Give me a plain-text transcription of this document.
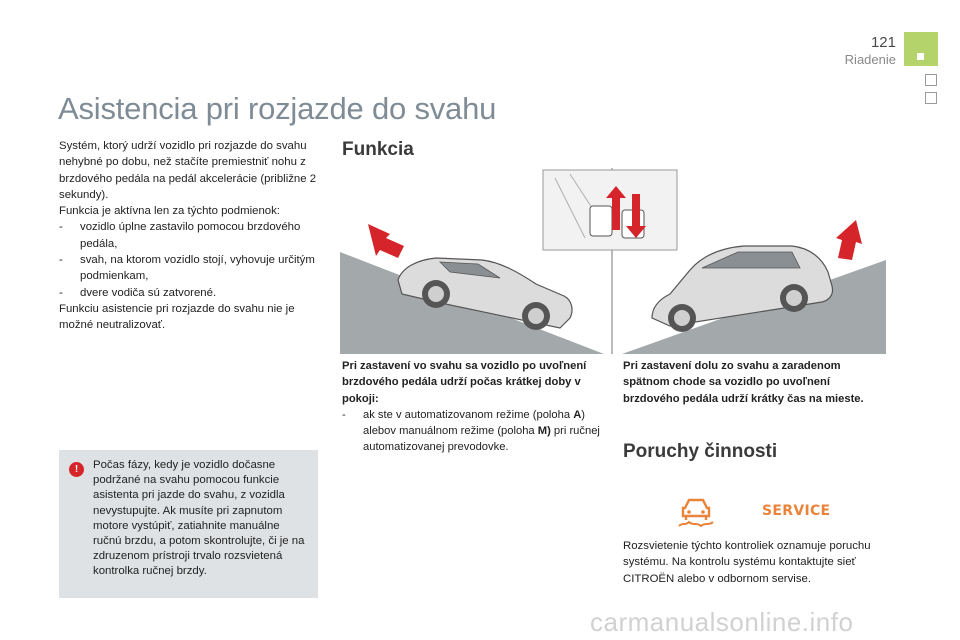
121
Riadenie
Asistencia pri rozjazde do svahu

Systém, ktorý udrží vozidlo pri rozjazde do svahu nehybné po dobu, než stačíte premiestniť nohu z brzdového pedála na pedál akcelerácie (približne 2 sekundy).

Funkcia je aktívna len za týchto podmienok:

- vozidlo úplne zastavilo pomocou brzdového pedála,

- svah, na ktorom vozidlo stojí, vyhovuje určitým podmienkam,

- dvere vodiča sú zatvorené.

Funkciu asistencie pri rozjazde do svahu nie je možné neutralizovať.

!	Počas fázy, kedy je vozidlo dočasne podržané na svahu pomocou funkcie asistenta pri jazde do svahu, z vozidla nevystupujte. Ak musíte pri zapnutom motore vystúpiť, zatiahnite manuálne ručnú brzdu, a potom skontrolujte, či je na zdruzenom prístroji trvalo rozsvietená kontrolka ručnej brzdy.

Funkcia

Pri zastavení vo svahu sa vozidlo po uvoľnení brzdového pedála udrží počas krátkej doby v pokoji:

- ak ste v automatizovanom režime (poloha A) alebov manuálnom režime (poloha M) pri ručnej automatizovanej prevodovke.

Pri zastavení dolu zo svahu a zaradenom spätnom chode sa vozidlo po uvoľnení brzdového pedála udrží krátky čas na mieste.

Poruchy činnosti
SERVICE

Rozsvietenie týchto kontroliek oznamuje poruchu systému. Na kontrolu systému kontaktujte sieť CITROËN alebo v odbornom servise.

carmanualsonline.info
